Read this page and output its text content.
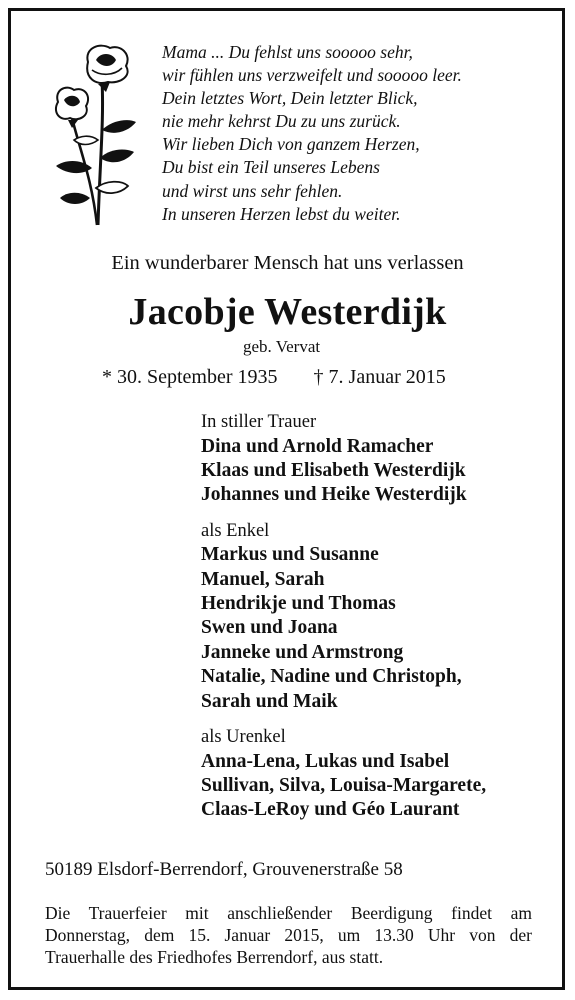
Mama ... Du fehlst uns sooooo sehr,
wir fühlen uns verzweifelt und sooooo leer.
Dein letztes Wort, Dein letzter Blick,
nie mehr kehrst Du zu uns zurück.
Wir lieben Dich von ganzem Herzen,
Du bist ein Teil unseres Lebens
und wirst uns sehr fehlen.
In unseren Herzen lebst du weiter.
Ein wunderbarer Mensch hat uns verlassen
Jacobje Westerdijk
geb. Vervat
* 30. September 1935 † 7. Januar 2015
In stiller Trauer
Dina und Arnold Ramacher
Klaas und Elisabeth Westerdijk
Johannes und Heike Westerdijk
als Enkel
Markus und Susanne
Manuel, Sarah
Hendrikje und Thomas
Swen und Joana
Janneke und Armstrong
Natalie, Nadine und Christoph,
Sarah und Maik
als Urenkel
Anna-Lena, Lukas und Isabel
Sullivan, Silva, Louisa-Margarete,
Claas-LeRoy und Géo Laurant
50189 Elsdorf-Berrendorf, Grouvenerstraße 58
Die Trauerfeier mit anschließender Beerdigung findet am
Donnerstag, dem 15. Januar 2015, um 13.30 Uhr von der
Trauerhalle des Friedhofes Berrendorf, aus statt.
